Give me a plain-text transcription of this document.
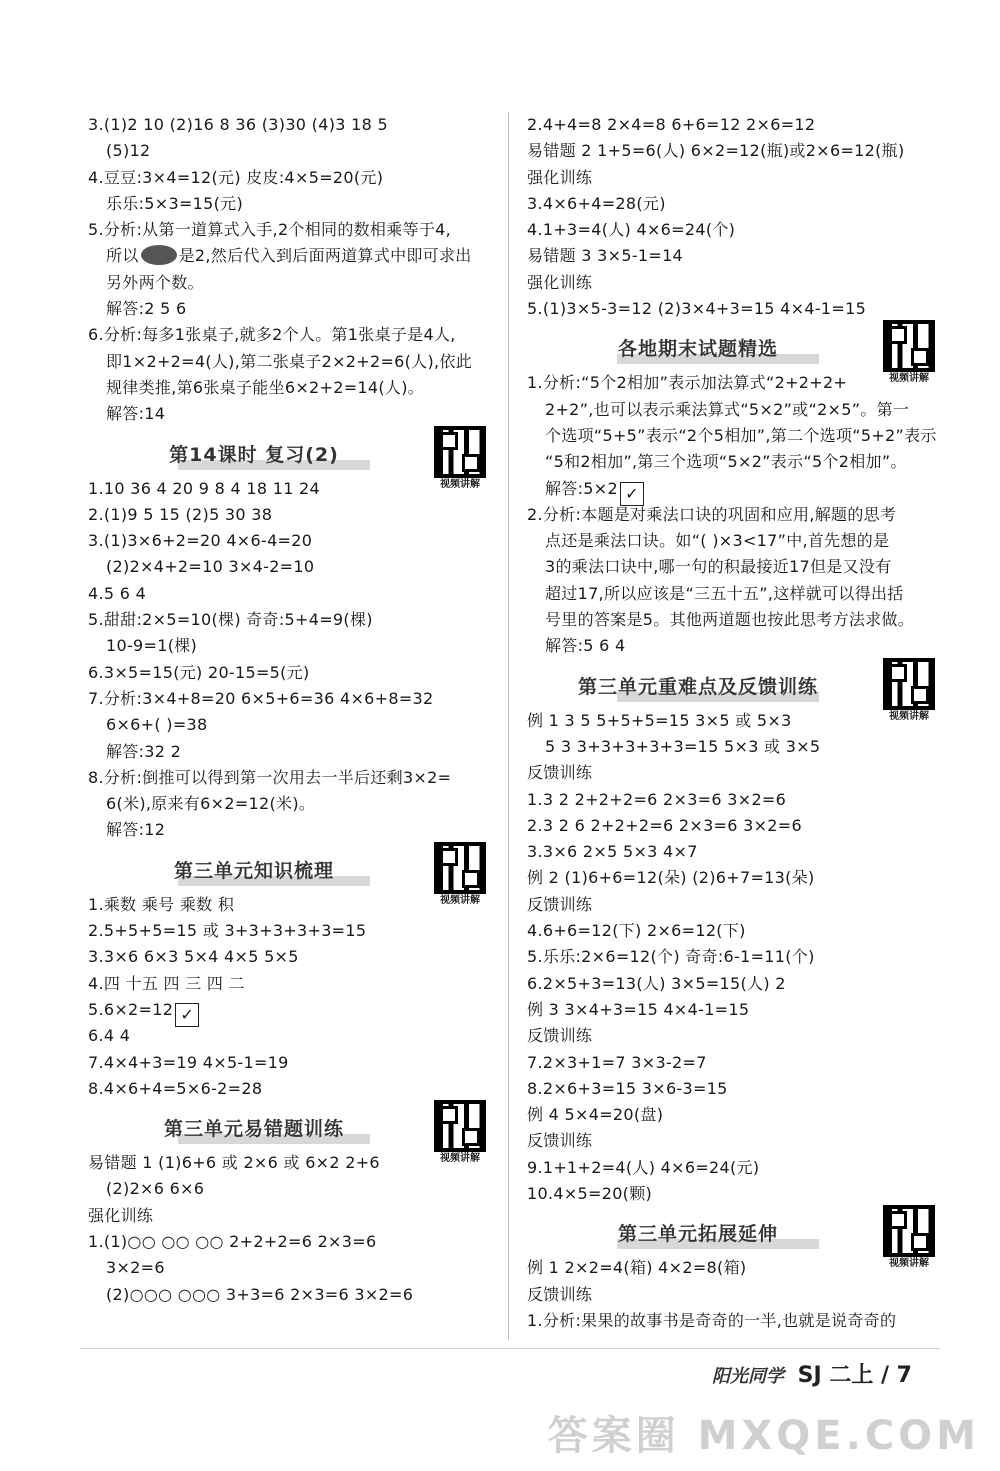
3.(1)2 10 (2)16 8 36 (3)30 (4)3 18 5
(5)12
4.豆豆:3×4=12(元) 皮皮:4×5=20(元)
乐乐:5×3=15(元)
5.分析:从第一道算式入手,2个相同的数相乘等于4,
所以	是2,然后代入到后面两道算式中即可求出
另外两个数。
解答:2 5 6
6.分析:每多1张桌子,就多2个人。第1张桌子是4人,
即1×2+2=4(人),第二张桌子2×2+2=6(人),依此
规律类推,第6张桌子能坐6×2+2=14(人)。
解答:14
第14课时 复习(2)
视频讲解
1.10 36 4 20 9 8 4 18 11 24
2.(1)9 5 15 (2)5 30 38
3.(1)3×6+2=20 4×6-4=20
(2)2×4+2=10 3×4-2=10
4.5 6 4
5.甜甜:2×5=10(棵) 奇奇:5+4=9(棵)
10-9=1(棵)
6.3×5=15(元) 20-15=5(元)
7.分析:3×4+8=20 6×5+6=36 4×6+8=32
6×6+( )=38
解答:32 2
8.分析:倒推可以得到第一次用去一半后还剩3×2=
6(米),原来有6×2=12(米)。
解答:12
第三单元知识梳理
视频讲解
1.乘数 乘号 乘数 积
2.5+5+5=15 或 3+3+3+3+3=15
3.3×6 6×3 5×4 4×5 5×5
4.四 十五 四 三 四 二
5.6×2=12 ✓
6.4 4
7.4×4+3=19 4×5-1=19
8.4×6+4=5×6-2=28
第三单元易错题训练
视频讲解
易错题 1 (1)6+6 或 2×6 或 6×2 2+6
(2)2×6 6×6
强化训练
1.(1)○○ ○○ ○○ 2+2+2=6 2×3=6
3×2=6
(2)○○○ ○○○ 3+3=6 2×3=6 3×2=6
2.4+4=8 2×4=8 6+6=12 2×6=12
易错题 2 1+5=6(人) 6×2=12(瓶)或2×6=12(瓶)
强化训练
3.4×6+4=28(元)
4.1+3=4(人) 4×6=24(个)
易错题 3 3×5-1=14
强化训练
5.(1)3×5-3=12 (2)3×4+3=15 4×4-1=15
各地期末试题精选
视频讲解
1.分析:“5个2相加”表示加法算式“2+2+2+
2+2”,也可以表示乘法算式“5×2”或“2×5”。第一
个选项“5+5”表示“2个5相加”,第二个选项“5+2”表示
“5和2相加”,第三个选项“5×2”表示“5个2相加”。
解答:5×2 ✓
2.分析:本题是对乘法口诀的巩固和应用,解题的思考
点还是乘法口诀。如“( )×3<17”中,首先想的是
3的乘法口诀中,哪一句的积最接近17但是又没有
超过17,所以应该是“三五十五”,这样就可以得出括
号里的答案是5。其他两道题也按此思考方法求做。
解答:5 6 4
第三单元重难点及反馈训练
视频讲解
例 1 3 5 5+5+5=15 3×5 或 5×3
5 3 3+3+3+3+3=15 5×3 或 3×5
反馈训练
1.3 2 2+2+2=6 2×3=6 3×2=6
2.3 2 6 2+2+2=6 2×3=6 3×2=6
3.3×6 2×5 5×3 4×7
例 2 (1)6+6=12(朵) (2)6+7=13(朵)
反馈训练
4.6+6=12(下) 2×6=12(下)
5.乐乐:2×6=12(个) 奇奇:6-1=11(个)
6.2×5+3=13(人) 3×5=15(人) 2
例 3 3×4+3=15 4×4-1=15
反馈训练
7.2×3+1=7 3×3-2=7
8.2×6+3=15 3×6-3=15
例 4 5×4=20(盘)
反馈训练
9.1+1+2=4(人) 4×6=24(元)
10.4×5=20(颗)
第三单元拓展延伸
视频讲解
例 1 2×2=4(箱) 4×2=8(箱)
反馈训练
1.分析:果果的故事书是奇奇的一半,也就是说奇奇的
阳光同学 SJ 二上 / 7
答案圈 MXQE.COM
